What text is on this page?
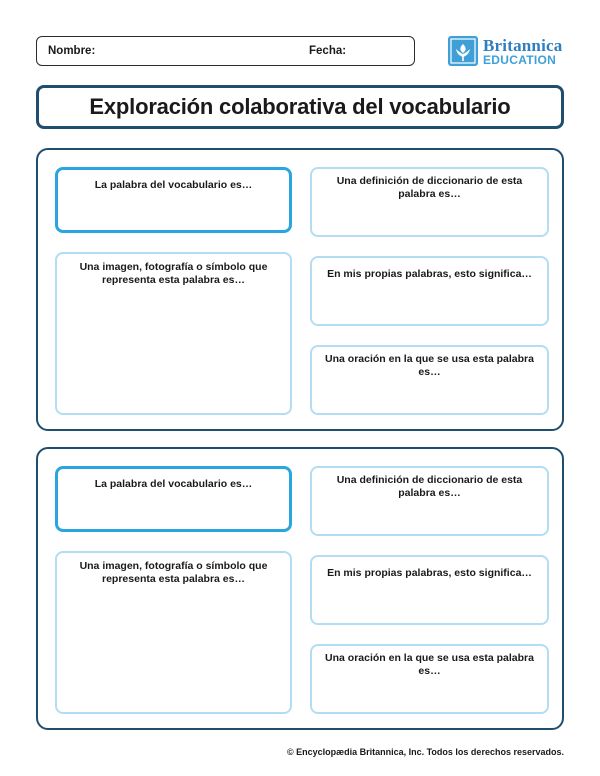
Nombre:	Fecha:	Britannica
EDUCATION
Exploración colaborativa del vocabulario
La palabra del vocabulario es…
Una imagen, fotografía o símbolo que representa esta palabra es…
Una definición de diccionario de esta palabra es…
En mis propias palabras, esto significa…
Una oración en la que se usa esta palabra es…
La palabra del vocabulario es…
Una imagen, fotografía o símbolo que representa esta palabra es…
Una definición de diccionario de esta palabra es…
En mis propias palabras, esto significa…
Una oración en la que se usa esta palabra es…
© Encyclopædia Britannica, Inc. Todos los derechos reservados.
